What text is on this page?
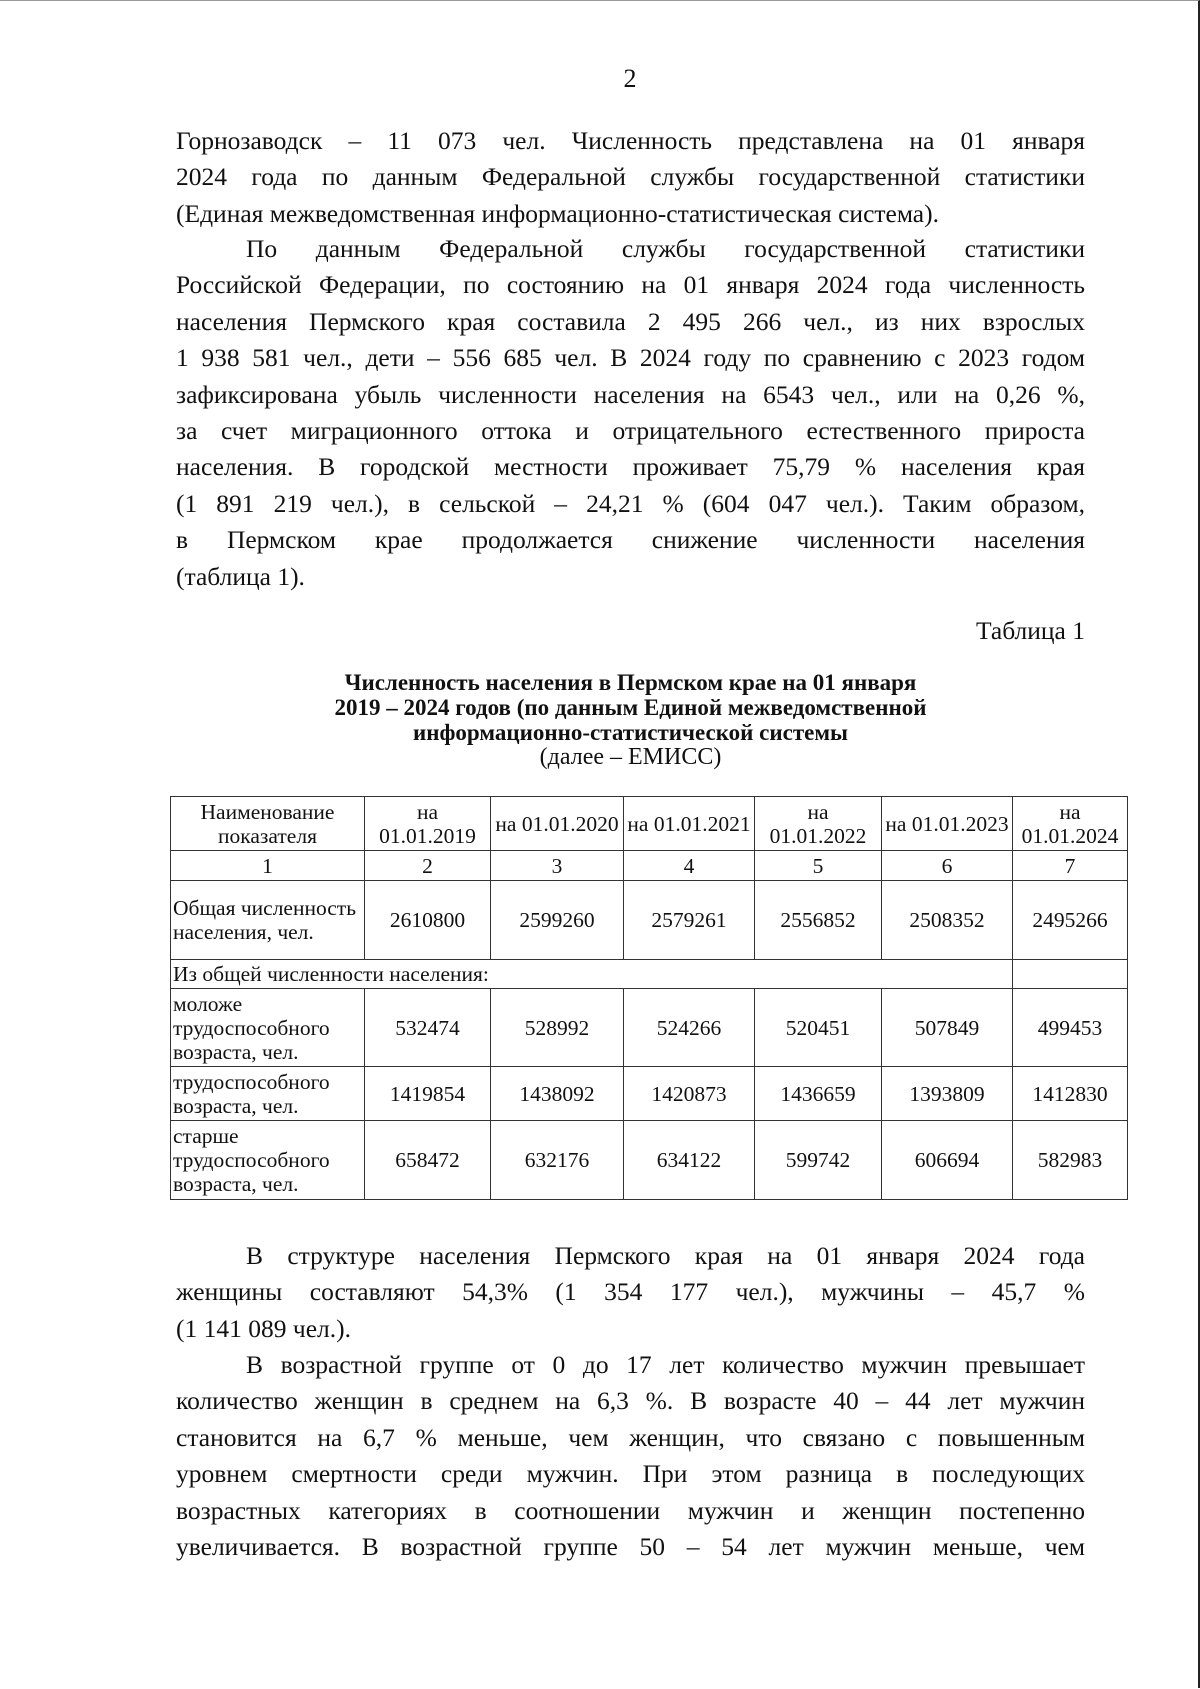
2
Горнозаводск – 11 073 чел. Численность представлена на 01 января
2024 года по данным Федеральной службы государственной статистики
(Единая межведомственная информационно-статистическая система).
По данным Федеральной службы государственной статистики
Российской Федерации, по состоянию на 01 января 2024 года численность
населения Пермского края составила 2 495 266 чел., из них взрослых
1 938 581 чел., дети – 556 685 чел. В 2024 году по сравнению с 2023 годом
зафиксирована убыль численности населения на 6543 чел., или на 0,26 %,
за счет миграционного оттока и отрицательного естественного прироста
населения. В городской местности проживает 75,79 % населения края
(1 891 219 чел.), в сельской – 24,21 % (604 047 чел.). Таким образом,
в Пермском крае продолжается снижение численности населения
(таблица 1).
Таблица 1
Численность населения в Пермском крае на 01 января
2019 – 2024 годов (по данным Единой межведомственной
информационно-статистической системы
(далее – ЕМИСС)
Наименование показателя	на 01.01.2019	на 01.01.2020	на 01.01.2021	на 01.01.2022	на 01.01.2023	на 01.01.2024
1	2	3	4	5	6	7
Общая численность населения, чел.	2610800	2599260	2579261	2556852	2508352	2495266
Из общей численности населения:						
моложе трудоспособного возраста, чел.	532474	528992	524266	520451	507849	499453
трудоспособного возраста, чел.	1419854	1438092	1420873	1436659	1393809	1412830
старше трудоспособного возраста, чел.	658472	632176	634122	599742	606694	582983
В структуре населения Пермского края на 01 января 2024 года
женщины составляют 54,3% (1 354 177 чел.), мужчины – 45,7 %
(1 141 089 чел.).
В возрастной группе от 0 до 17 лет количество мужчин превышает
количество женщин в среднем на 6,3 %. В возрасте 40 – 44 лет мужчин
становится на 6,7 % меньше, чем женщин, что связано с повышенным
уровнем смертности среди мужчин. При этом разница в последующих
возрастных категориях в соотношении мужчин и женщин постепенно
увеличивается. В возрастной группе 50 – 54 лет мужчин меньше, чем
